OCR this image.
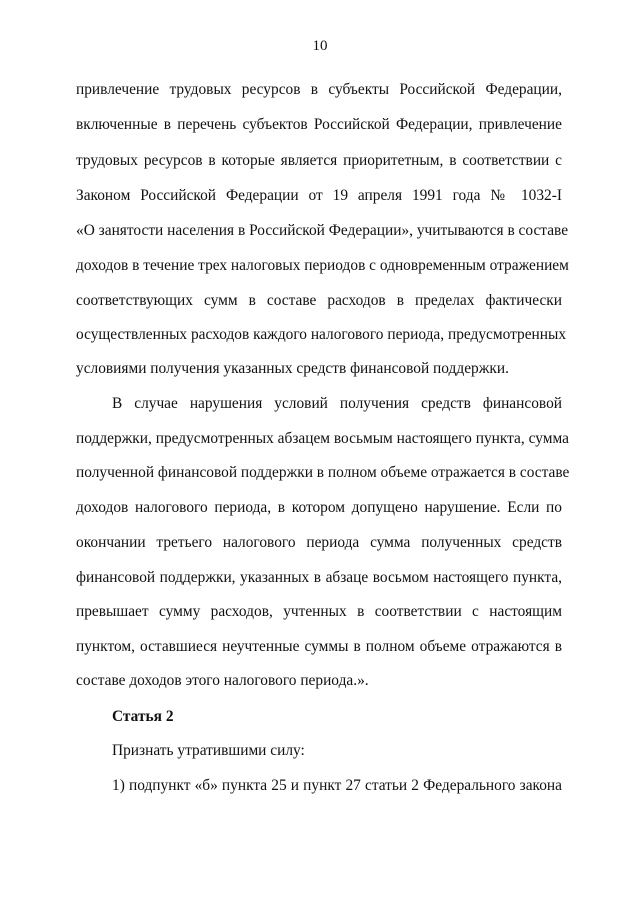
10
привлечение трудовых ресурсов в субъекты Российской Федерации,
включенные в перечень субъектов Российской Федерации, привлечение
трудовых ресурсов в которые является приоритетным, в соответствии с
Законом Российской Федерации от 19 апреля 1991 года № 1032-I
«О занятости населения в Российской Федерации», учитываются в составе
доходов в течение трех налоговых периодов с одновременным отражением
соответствующих сумм в составе расходов в пределах фактически
осуществленных расходов каждого налогового периода, предусмотренных
условиями получения указанных средств финансовой поддержки.
В случае нарушения условий получения средств финансовой
поддержки, предусмотренных абзацем восьмым настоящего пункта, сумма
полученной финансовой поддержки в полном объеме отражается в составе
доходов налогового периода, в котором допущено нарушение. Если по
окончании третьего налогового периода сумма полученных средств
финансовой поддержки, указанных в абзаце восьмом настоящего пункта,
превышает сумму расходов, учтенных в соответствии с настоящим
пунктом, оставшиеся неучтенные суммы в полном объеме отражаются в
составе доходов этого налогового периода.».
Статья 2
Признать утратившими силу:
1) подпункт «б» пункта 25 и пункт 27 статьи 2 Федерального закона
